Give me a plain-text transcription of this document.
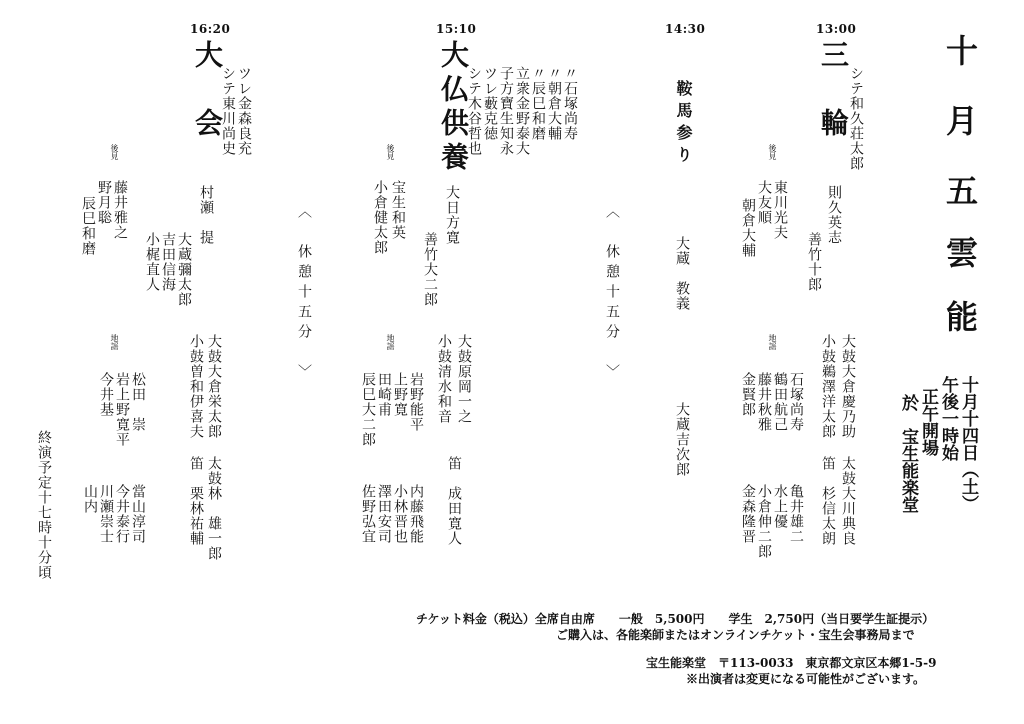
十
月
五
雲
能
十月十四日（土）
午後一時始
正午開場
於　宝生能楽堂
13:00
三　輪
シテ和久荘太郎
則久英志
善竹十郎
後見
東川光夫
大友順
朝倉大輔
地謡	大鼓大倉慶乃助
小鼓鵜澤洋太郎
太鼓大川典良
笛　杉信太朗
石塚尚寿
鶴田航己
藤井秋雅
金賢郎
亀井雄二
水上優
小倉伸二郎
金森隆晋
14:30
鞍馬参り
大蔵　教義
大蔵吉次郎
〈　休憩十五分　〉
〈　休憩十五分　〉
15:10
大仏供養
シテ木谷哲也 ツレ藪克徳 子方寶生知永 立衆金野泰大 〃辰巳和磨 〃朝倉大輔 〃石塚尚寿
大日方寛
善竹大二郎
後見
宝生和英
小倉健太郎
地謡	大鼓原岡一之
小鼓清水和音
笛　成田寛人
岩野能平
上野寛
田崎甫
辰巳大二郎
内藤飛能
小林晋也
澤田安司
佐野弘宜
16:20
大　会 ツレ金森良充
シテ東川尚史
村瀬　提
大蔵彌太郎
吉田信海
小梶直人
後見
藤井雅之
野月聡
辰巳和磨
地謡	大鼓大倉栄太郎
小鼓曽和伊喜夫
太鼓林　雄一郎
笛　栗林祐輔
松田　崇
岩上野寛平
今井基
當山淳司
今井泰行
川瀬崇士
山内
終演予定十七時十分頃
チケット料金（税込）全席自由席　　一般　5,500円　　学生　2,750円（当日要学生証提示）
ご購入は、各能楽師またはオンラインチケット・宝生会事務局まで
宝生能楽堂　〒113-0033　東京都文京区本郷1-5-9
※出演者は変更になる可能性がございます。
